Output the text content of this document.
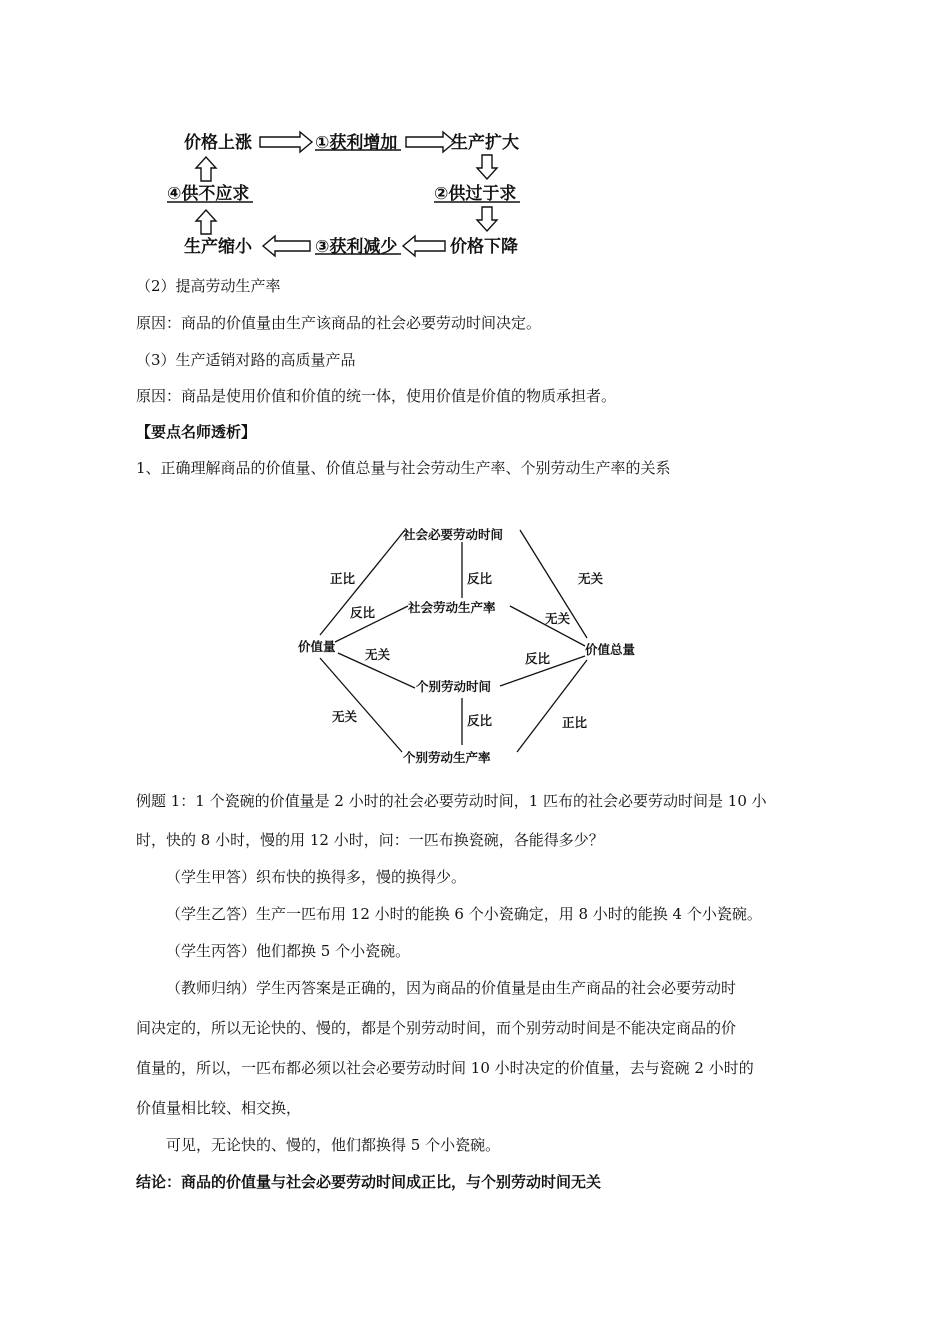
价格上涨	①获利增加	生产扩大
②供过于求
价格下降
③获利减少
生产缩小
④供不应求
（2）提高劳动生产率
原因：商品的价值量由生产该商品的社会必要劳动时间决定。
（3）生产适销对路的高质量产品
原因：商品是使用价值和价值的统一体，使用价值是价值的物质承担者。
【要点名师透析】
1、正确理解商品的价值量、价值总量与社会劳动生产率、个别劳动生产率的关系
社会必要劳动时间
社会劳动生产率
价值量	价值总量
个别劳动时间
个别劳动生产率
正比	反比	无关
反比	无关
无关	反比
反比
无关	正比
例题 1：1 个瓷碗的价值量是 2 小时的社会必要劳动时间，1 匹布的社会必要劳动时间是 10 小
时，快的 8 小时，慢的用 12 小时，问：一匹布换瓷碗，各能得多少？
（学生甲答）织布快的换得多，慢的换得少。
（学生乙答）生产一匹布用 12 小时的能换 6 个小瓷确定，用 8 小时的能换 4 个小瓷碗。
（学生丙答）他们都换 5 个小瓷碗。
（教师归纳）学生丙答案是正确的，因为商品的价值量是由生产商品的社会必要劳动时
间决定的，所以无论快的、慢的，都是个别劳动时间，而个别劳动时间是不能决定商品的价
值量的，所以，一匹布都必须以社会必要劳动时间 10 小时决定的价值量，去与瓷碗 2 小时的
价值量相比较、相交换，
可见，无论快的、慢的，他们都换得 5 个小瓷碗。
结论：商品的价值量与社会必要劳动时间成正比，与个别劳动时间无关
